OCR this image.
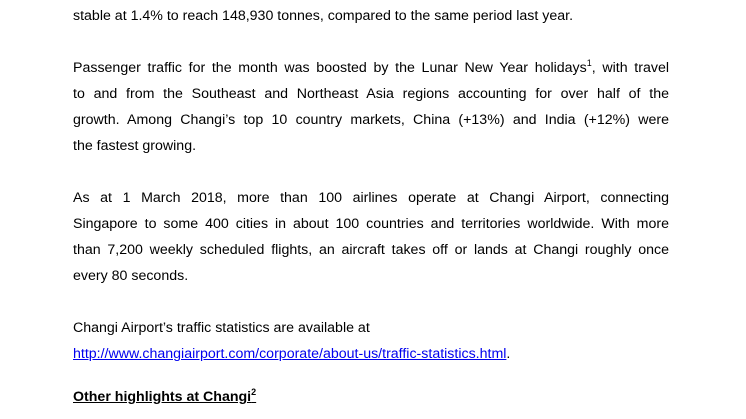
stable at 1.4% to reach 148,930 tonnes, compared to the same period last year.
Passenger traffic for the month was boosted by the Lunar New Year holidays$^1$, with travel
to and from the Southeast and Northeast Asia regions accounting for over half of the
growth. Among Changi’s top 10 country markets, China (+13%) and India (+12%) were
the fastest growing.
As at 1 March 2018, more than 100 airlines operate at Changi Airport, connecting
Singapore to some 400 cities in about 100 countries and territories worldwide. With more
than 7,200 weekly scheduled flights, an aircraft takes off or lands at Changi roughly once
every 80 seconds.
Changi Airport’s traffic statistics are available at
http://www.changiairport.com/corporate/about-us/traffic-statistics.html.
Other highlights at Changi$^2$
